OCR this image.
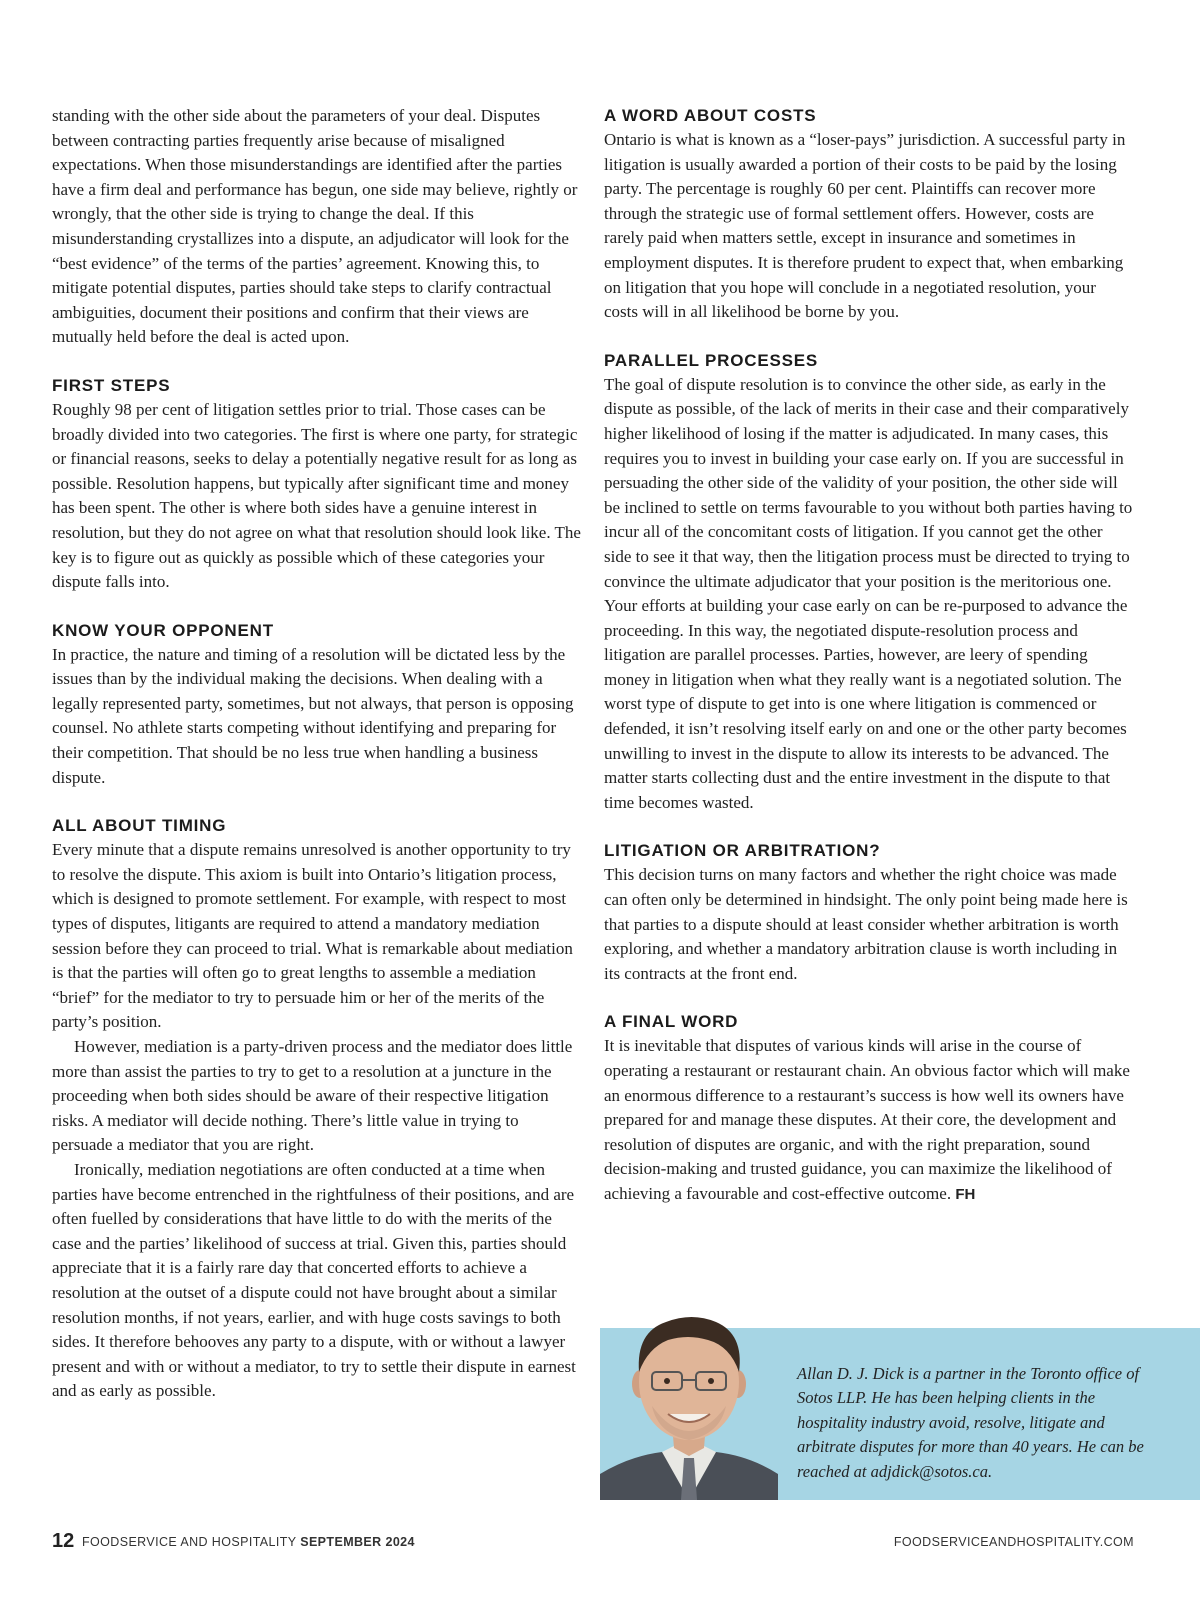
standing with the other side about the parameters of your deal. Disputes between contracting parties frequently arise because of misaligned expectations. When those misunderstandings are identified after the parties have a firm deal and performance has begun, one side may believe, rightly or wrongly, that the other side is trying to change the deal. If this misunderstanding crystallizes into a dispute, an adjudicator will look for the “best evidence” of the terms of the parties’ agreement. Knowing this, to mitigate potential disputes, parties should take steps to clarify contractual ambiguities, document their positions and confirm that their views are mutually held before the deal is acted upon.

FIRST STEPS

Roughly 98 per cent of litigation settles prior to trial. Those cases can be broadly divided into two categories. The first is where one party, for strategic or financial reasons, seeks to delay a potentially negative result for as long as possible. Resolution happens, but typically after significant time and money has been spent. The other is where both sides have a genuine interest in resolution, but they do not agree on what that resolution should look like. The key is to figure out as quickly as possible which of these categories your dispute falls into.

KNOW YOUR OPPONENT

In practice, the nature and timing of a resolution will be dictated less by the issues than by the individual making the decisions. When dealing with a legally represented party, sometimes, but not always, that person is opposing counsel. No athlete starts competing without identifying and preparing for their competition. That should be no less true when handling a business dispute.

ALL ABOUT TIMING

Every minute that a dispute remains unresolved is another opportunity to try to resolve the dispute. This axiom is built into Ontario’s litigation process, which is designed to promote settlement. For example, with respect to most types of disputes, litigants are required to attend a mandatory mediation session before they can proceed to trial. What is remarkable about mediation is that the parties will often go to great lengths to assemble a mediation “brief” for the mediator to try to persuade him or her of the merits of the party’s position.

However, mediation is a party-driven process and the mediator does little more than assist the parties to try to get to a resolution at a juncture in the proceeding when both sides should be aware of their respective litigation risks. A mediator will decide nothing. There’s little value in trying to persuade a mediator that you are right.

Ironically, mediation negotiations are often conducted at a time when parties have become entrenched in the rightfulness of their positions, and are often fuelled by considerations that have little to do with the merits of the case and the parties’ likelihood of success at trial. Given this, parties should appreciate that it is a fairly rare day that concerted efforts to achieve a resolution at the outset of a dispute could not have brought about a similar resolution months, if not years, earlier, and with huge costs savings to both sides. It therefore behooves any party to a dispute, with or without a lawyer present and with or without a mediator, to try to settle their dispute in earnest and as early as possible.

A WORD ABOUT COSTS

Ontario is what is known as a “loser-pays” jurisdiction. A successful party in litigation is usually awarded a portion of their costs to be paid by the losing party. The percentage is roughly 60 per cent. Plaintiffs can recover more through the strategic use of formal settlement offers. However, costs are rarely paid when matters settle, except in insurance and sometimes in employment disputes. It is therefore prudent to expect that, when embarking on litigation that you hope will conclude in a negotiated resolution, your costs will in all likelihood be borne by you.

PARALLEL PROCESSES

The goal of dispute resolution is to convince the other side, as early in the dispute as possible, of the lack of merits in their case and their comparatively higher likelihood of losing if the matter is adjudicated. In many cases, this requires you to invest in building your case early on. If you are successful in persuading the other side of the validity of your position, the other side will be inclined to settle on terms favourable to you without both parties having to incur all of the concomitant costs of litigation. If you cannot get the other side to see it that way, then the litigation process must be directed to trying to convince the ultimate adjudicator that your position is the meritorious one. Your efforts at building your case early on can be re-purposed to advance the proceeding. In this way, the negotiated dispute-resolution process and litigation are parallel processes. Parties, however, are leery of spending money in litigation when what they really want is a negotiated solution. The worst type of dispute to get into is one where litigation is commenced or defended, it isn’t resolving itself early on and one or the other party becomes unwilling to invest in the dispute to allow its interests to be advanced. The matter starts collecting dust and the entire investment in the dispute to that time becomes wasted.

LITIGATION OR ARBITRATION?

This decision turns on many factors and whether the right choice was made can often only be determined in hindsight. The only point being made here is that parties to a dispute should at least consider whether arbitration is worth exploring, and whether a mandatory arbitration clause is worth including in its contracts at the front end.

A FINAL WORD

It is inevitable that disputes of various kinds will arise in the course of operating a restaurant or restaurant chain. An obvious factor which will make an enormous difference to a restaurant’s success is how well its owners have prepared for and manage these disputes. At their core, the development and resolution of disputes are organic, and with the right preparation, sound decision-making and trusted guidance, you can maximize the likelihood of achieving a favourable and cost-effective outcome. FH

Allan D. J. Dick is a partner in the Toronto office of Sotos LLP. He has been helping clients in the hospitality industry avoid, resolve, litigate and arbitrate disputes for more than 40 years. He can be reached at adjdick@sotos.ca.
12 FOODSERVICE AND HOSPITALITY SEPTEMBER 2024	FOODSERVICEANDHOSPITALITY.COM
